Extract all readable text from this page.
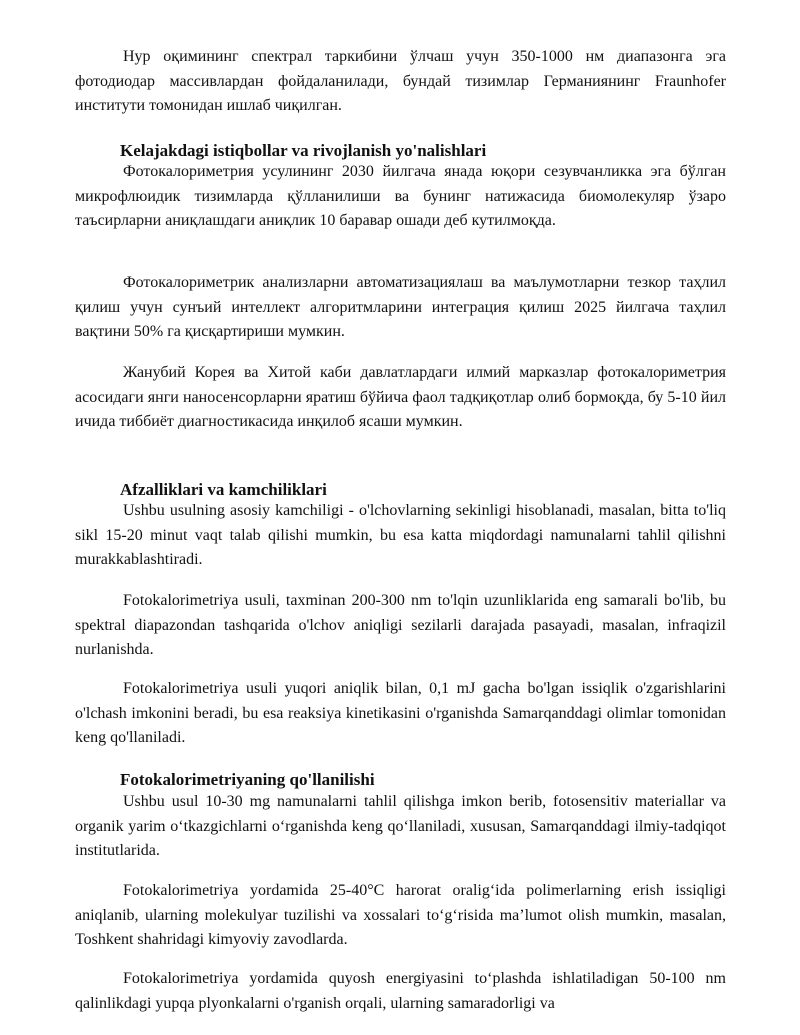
Нур оқимининг спектрал таркибини ўлчаш учун 350-1000 нм диапазонга эга фотодиодар массивлардан фойдаланилади, бундай тизимлар Германиянинг Fraunhofer институти томонидан ишлаб чиқилган.

Kelajakdagi istiqbollar va rivojlanish yo'nalishlari

Фотокалориметрия усулининг 2030 йилгача янада юқори сезувчанликка эга бўлган микрофлюидик тизимларда қўлланилиши ва бунинг натижасида биомолекуляр ўзаро таъсирларни аниқлашдаги аниқлик 10 баравар ошади деб кутилмоқда.

Фотокалориметрик анализларни автоматизациялаш ва маълумотларни тезкор таҳлил қилиш учун сунъий интеллект алгоритмларини интеграция қилиш 2025 йилгача таҳлил вақтини 50% га қисқартириши мумкин.

Жанубий Корея ва Хитой каби давлатлардаги илмий марказлар фотокалориметрия асосидаги янги наносенсорларни яратиш бўйича фаол тадқиқотлар олиб бормоқда, бу 5-10 йил ичида тиббиёт диагностикасида инқилоб ясаши мумкин.

Afzalliklari va kamchiliklari

Ushbu usulning asosiy kamchiligi - o'lchovlarning sekinligi hisoblanadi, masalan, bitta to'liq sikl 15-20 minut vaqt talab qilishi mumkin, bu esa katta miqdordagi namunalarni tahlil qilishni murakkablashtiradi.

Fotokalorimetriya usuli, taxminan 200-300 nm to'lqin uzunliklarida eng samarali bo'lib, bu spektral diapazondan tashqarida o'lchov aniqligi sezilarli darajada pasayadi, masalan, infraqizil nurlanishda.

Fotokalorimetriya usuli yuqori aniqlik bilan, 0,1 mJ gacha bo'lgan issiqlik o'zgarishlarini o'lchash imkonini beradi, bu esa reaksiya kinetikasini o'rganishda Samarqanddagi olimlar tomonidan keng qo'llaniladi.

Fotokalorimetriyaning qo'llanilishi

Ushbu usul 10-30 mg namunalarni tahlil qilishga imkon berib, fotosensitiv materiallar va organik yarim o‘tkazgichlarni o‘rganishda keng qo‘llaniladi, xususan, Samarqanddagi ilmiy-tadqiqot institutlarida.

Fotokalorimetriya yordamida 25-40°C harorat oralig‘ida polimerlarning erish issiqligi aniqlanib, ularning molekulyar tuzilishi va xossalari to‘g‘risida ma’lumot olish mumkin, masalan, Toshkent shahridagi kimyoviy zavodlarda.

Fotokalorimetriya yordamida quyosh energiyasini to‘plashda ishlatiladigan 50-100 nm qalinlikdagi yupqa plyonkalarni o'rganish orqali, ularning samaradorligi va
